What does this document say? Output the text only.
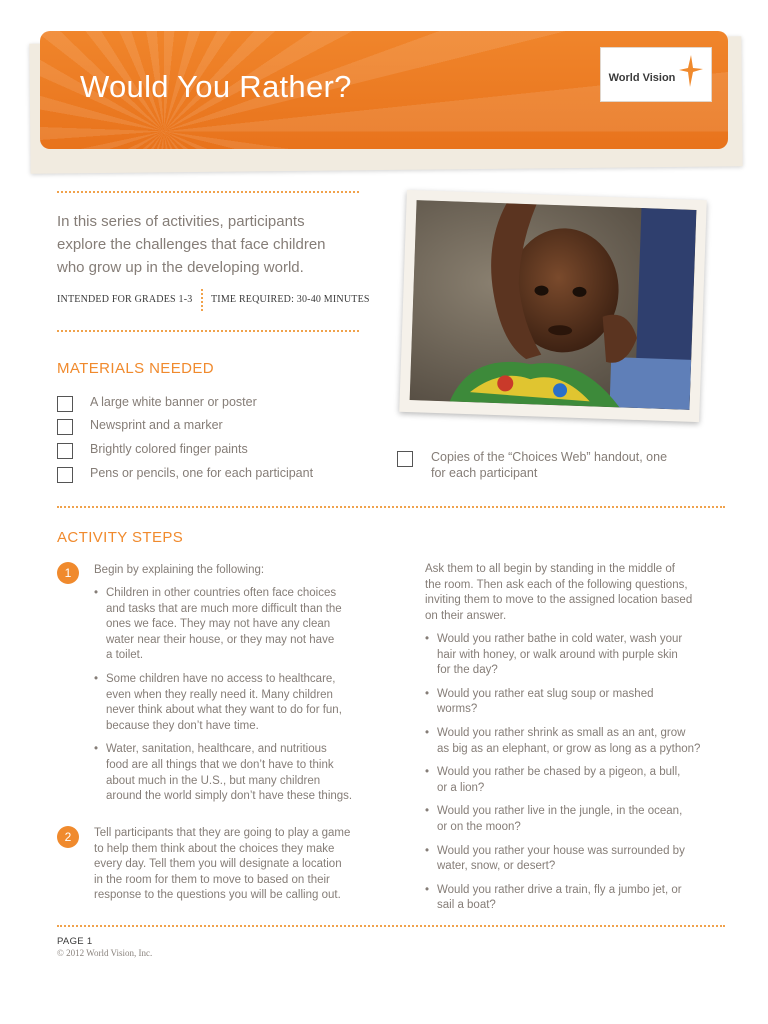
Would You Rather?	World Vision
In this series of activities, participants explore the challenges that face children who grow up in the developing world.
INTENDED FOR GRADES 1-3 TIME REQUIRED: 30-40 MINUTES
MATERIALS NEEDED
A large white banner or poster
Newsprint and a marker
Brightly colored finger paints
Pens or pencils, one for each participant
Copies of the “Choices Web” handout, one
for each participant
ACTIVITY STEPS
1	Begin by explaining the following:
• Children in other countries often face choices
and tasks that are much more difficult than the
ones we face. They may not have any clean
water near their house, or they may not have
a toilet.
• Some children have no access to healthcare,
even when they really need it. Many children
never think about what they want to do for fun,
because they don’t have time.
• Water, sanitation, healthcare, and nutritious
food are all things that we don’t have to think
about much in the U.S., but many children
around the world simply don’t have these things.
2	Tell participants that they are going to play a game
to help them think about the choices they make
every day. Tell them you will designate a location
in the room for them to move to based on their
response to the questions you will be calling out.
Ask them to all begin by standing in the middle of
the room. Then ask each of the following questions,
inviting them to move to the assigned location based
on their answer.
• Would you rather bathe in cold water, wash your
hair with honey, or walk around with purple skin
for the day?
• Would you rather eat slug soup or mashed
worms?
• Would you rather shrink as small as an ant, grow
as big as an elephant, or grow as long as a python?
• Would you rather be chased by a pigeon, a bull,
or a lion?
• Would you rather live in the jungle, in the ocean,
or on the moon?
• Would you rather your house was surrounded by
water, snow, or desert?
• Would you rather drive a train, fly a jumbo jet, or
sail a boat?
PAGE 1
© 2012 World Vision, Inc.
